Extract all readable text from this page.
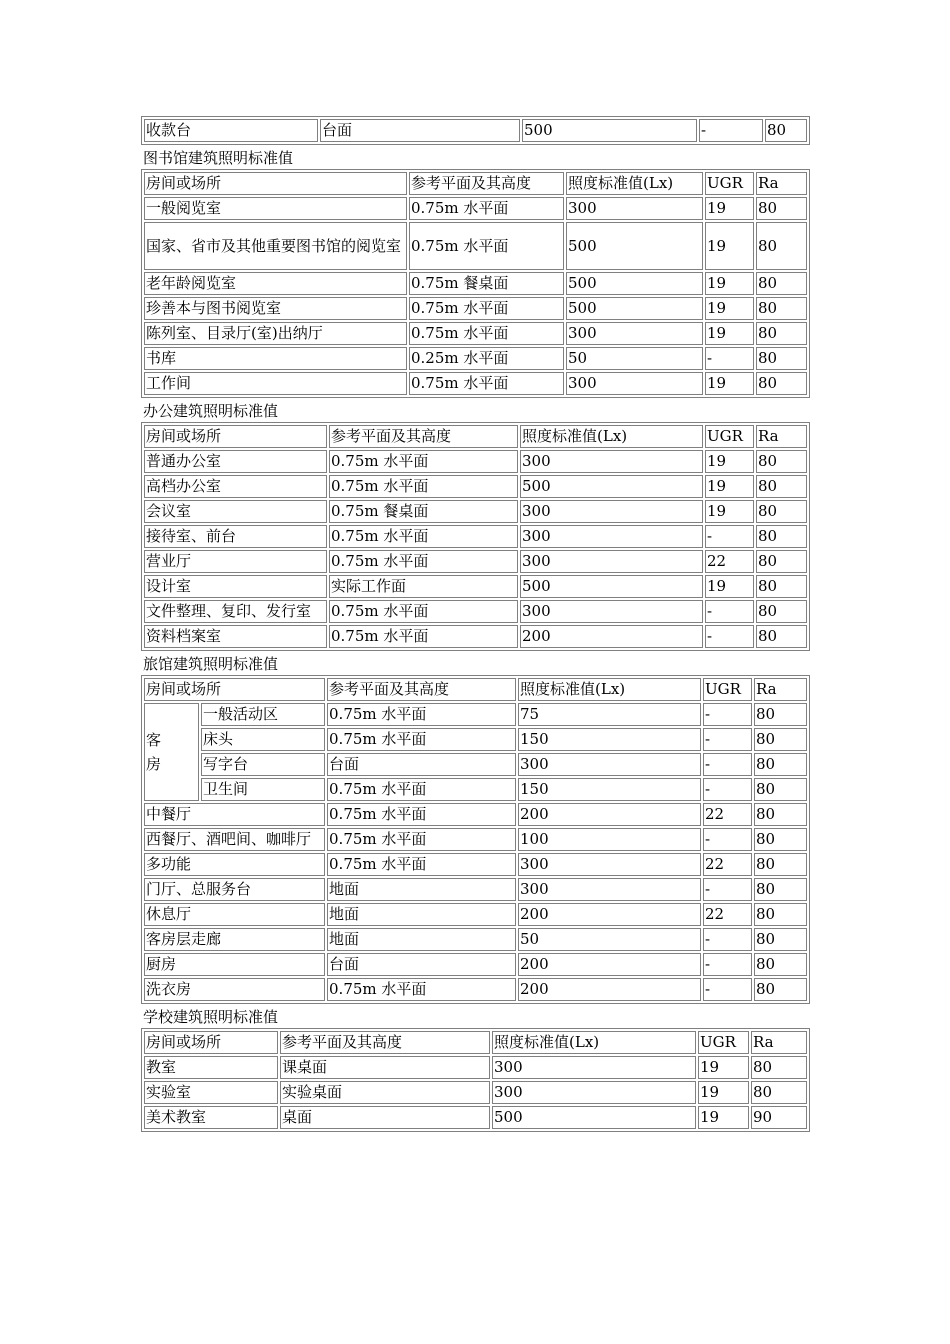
收款台	台面	500	-	80
图书馆建筑照明标准值
房间或场所	参考平面及其高度	照度标准值(Lx)	UGR	Ra
一般阅览室	0.75m 水平面	300	19	80
国家、省市及其他重要图书馆的阅览室	0.75m 水平面	500	19	80
老年龄阅览室	0.75m 餐桌面	500	19	80
珍善本与图书阅览室	0.75m 水平面	500	19	80
陈列室、目录厅(室)出纳厅	0.75m 水平面	300	19	80
书库	0.25m 水平面	50	-	80
工作间	0.75m 水平面	300	19	80
办公建筑照明标准值
房间或场所	参考平面及其高度	照度标准值(Lx)	UGR	Ra
普通办公室	0.75m 水平面	300	19	80
高档办公室	0.75m 水平面	500	19	80
会议室	0.75m 餐桌面	300	19	80
接待室、前台	0.75m 水平面	300	-	80
营业厅	0.75m 水平面	300	22	80
设计室	实际工作面	500	19	80
文件整理、复印、发行室	0.75m 水平面	300	-	80
资料档案室	0.75m 水平面	200	-	80
旅馆建筑照明标准值
房间或场所		参考平面及其高度	照度标准值(Lx)	UGR	Ra
客房	一般活动区	0.75m 水平面	75	-	80
	床头	0.75m 水平面	150	-	80
	写字台	台面	300	-	80
	卫生间	0.75m 水平面	150	-	80
中餐厅		0.75m 水平面	200	22	80
西餐厅、酒吧间、咖啡厅		0.75m 水平面	100	-	80
多功能		0.75m 水平面	300	22	80
门厅、总服务台		地面	300	-	80
休息厅		地面	200	22	80
客房层走廊		地面	50	-	80
厨房		台面	200	-	80
洗衣房		0.75m 水平面	200	-	80
学校建筑照明标准值
房间或场所	参考平面及其高度	照度标准值(Lx)	UGR	Ra
教室	课桌面	300	19	80
实验室	实验桌面	300	19	80
美术教室	桌面	500	19	90
